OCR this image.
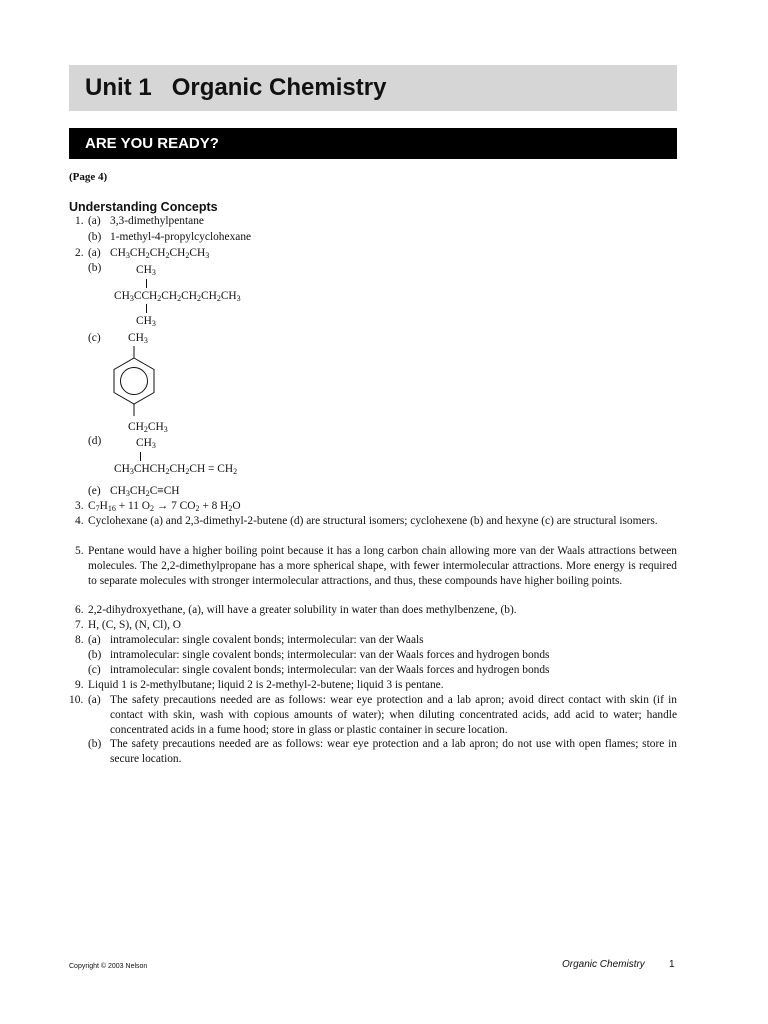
Unit 1 Organic Chemistry
ARE YOU READY?
(Page 4)
Understanding Concepts
1. (a) 3,3-dimethylpentane
(b) 1-methyl-4-propylcyclohexane
2. (a) $CH_3CH_2CH_2CH_2CH_3$
(b)	$CH_3$
$CH_3CCH_2CH_2CH_2CH_2CH_3$
$CH_3$
(c) $CH_3$
$CH_2CH_3$
(d)	$CH_3$
$CH_3CHCH_2CH_2CH = CH_2$
(e) $CH_3CH_2C\equiv CH$
3. $C_7H_{16} + 11$ $O_2 \to 7$ $CO_2 + 8$ $H_2O$
4. Cyclohexane (a) and 2,3-dimethyl-2-butene (d) are structural isomers; cyclohexene (b) and hexyne (c) are structural isomers.
5. Pentane would have a higher boiling point because it has a long carbon chain allowing more van der Waals attractions between molecules. The 2,2-dimethylpropane has a more spherical shape, with fewer intermolecular attractions. More energy is required to separate molecules with stronger intermolecular attractions, and thus, these compounds have higher boiling points.
6. 2,2-dihydroxyethane, (a), will have a greater solubility in water than does methylbenzene, (b).
7. H, (C, S), (N, Cl), O
8. (a) intramolecular: single covalent bonds; intermolecular: van der Waals
(b) intramolecular: single covalent bonds; intermolecular: van der Waals forces and hydrogen bonds
(c) intramolecular: single covalent bonds; intermolecular: van der Waals forces and hydrogen bonds
9. Liquid 1 is 2-methylbutane; liquid 2 is 2-methyl-2-butene; liquid 3 is pentane.
10. (a) The safety precautions needed are as follows: wear eye protection and a lab apron; avoid direct contact with skin (if in contact with skin, wash with copious amounts of water); when diluting concentrated acids, add acid to water; handle concentrated acids in a fume hood; store in glass or plastic container in secure location.
(b) The safety precautions needed are as follows: wear eye protection and a lab apron; do not use with open flames; store in secure location.
Copyright © 2003 Nelson	Organic Chemistry 1
